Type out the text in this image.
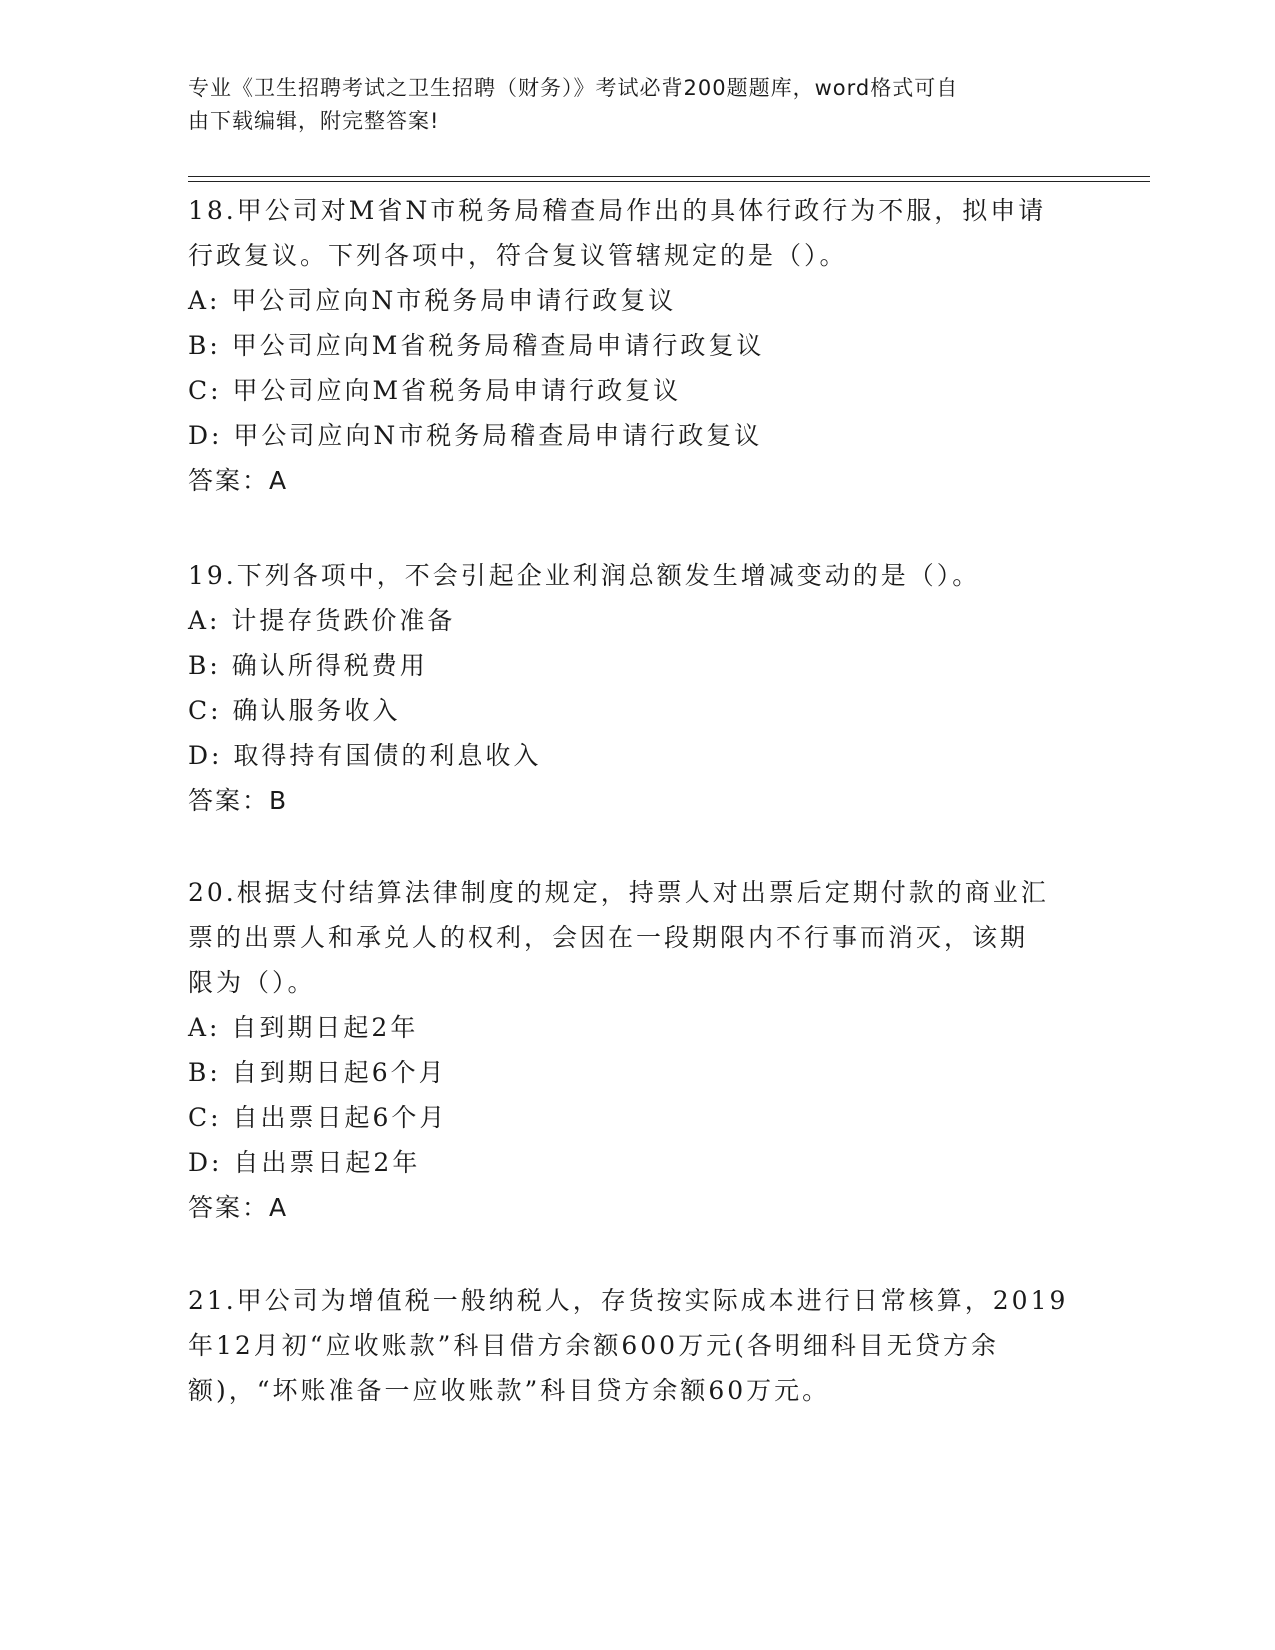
专业《卫生招聘考试之卫生招聘（财务）》考试必背200题题库，word格式可自
由下载编辑，附完整答案!
18.甲公司对M省N市税务局稽查局作出的具体行政行为不服，拟申请
行政复议。下列各项中，符合复议管辖规定的是（）。
A: 甲公司应向N市税务局申请行政复议
B: 甲公司应向M省税务局稽查局申请行政复议
C: 甲公司应向M省税务局申请行政复议
D: 甲公司应向N市税务局稽查局申请行政复议
答案：A
19.下列各项中，不会引起企业利润总额发生增减变动的是（）。
A: 计提存货跌价准备
B: 确认所得税费用
C: 确认服务收入
D: 取得持有国债的利息收入
答案：B
20.根据支付结算法律制度的规定，持票人对出票后定期付款的商业汇
票的出票人和承兑人的权利，会因在一段期限内不行事而消灭，该期
限为（）。
A: 自到期日起2年
B: 自到期日起6个月
C: 自出票日起6个月
D: 自出票日起2年
答案：A
21.甲公司为增值税一般纳税人，存货按实际成本进行日常核算，2019
年12月初“应收账款”科目借方余额600万元(各明细科目无贷方余
额)，“坏账准备一应收账款”科目贷方余额60万元。
